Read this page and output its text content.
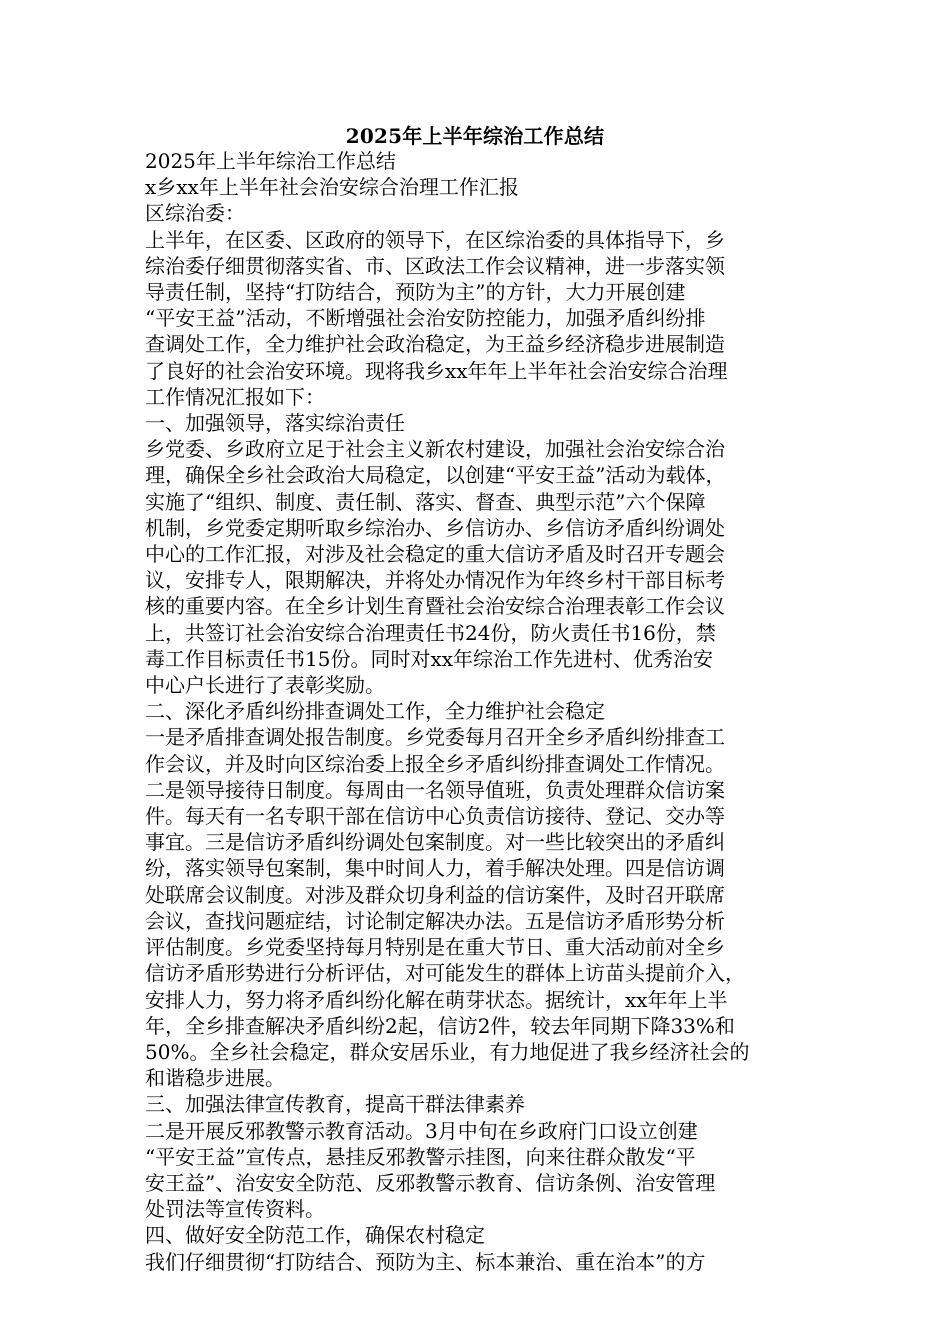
2025年上半年综治工作总结
2025年上半年综治工作总结
x乡xx年上半年社会治安综合治理工作汇报
区综治委：
上半年，在区委、区政府的领导下，在区综治委的具体指导下，乡
综治委仔细贯彻落实省、市、区政法工作会议精神，进一步落实领
导责任制，坚持“打防结合，预防为主”的方针，大力开展创建
“平安王益”活动，不断增强社会治安防控能力，加强矛盾纠纷排
查调处工作，全力维护社会政治稳定，为王益乡经济稳步进展制造
了良好的社会治安环境。现将我乡xx年年上半年社会治安综合治理
工作情况汇报如下：
一、加强领导，落实综治责任
乡党委、乡政府立足于社会主义新农村建设，加强社会治安综合治
理，确保全乡社会政治大局稳定，以创建“平安王益”活动为载体，
实施了“组织、制度、责任制、落实、督查、典型示范”六个保障
机制，乡党委定期听取乡综治办、乡信访办、乡信访矛盾纠纷调处
中心的工作汇报，对涉及社会稳定的重大信访矛盾及时召开专题会
议，安排专人，限期解决，并将处办情况作为年终乡村干部目标考
核的重要内容。在全乡计划生育暨社会治安综合治理表彰工作会议
上，共签订社会治安综合治理责任书24份，防火责任书16份，禁
毒工作目标责任书15份。同时对xx年综治工作先进村、优秀治安
中心户长进行了表彰奖励。
二、深化矛盾纠纷排查调处工作，全力维护社会稳定
一是矛盾排查调处报告制度。乡党委每月召开全乡矛盾纠纷排查工
作会议，并及时向区综治委上报全乡矛盾纠纷排查调处工作情况。
二是领导接待日制度。每周由一名领导值班，负责处理群众信访案
件。每天有一名专职干部在信访中心负责信访接待、登记、交办等
事宜。三是信访矛盾纠纷调处包案制度。对一些比较突出的矛盾纠
纷，落实领导包案制，集中时间人力，着手解决处理。四是信访调
处联席会议制度。对涉及群众切身利益的信访案件，及时召开联席
会议，查找问题症结，讨论制定解决办法。五是信访矛盾形势分析
评估制度。乡党委坚持每月特别是在重大节日、重大活动前对全乡
信访矛盾形势进行分析评估，对可能发生的群体上访苗头提前介入，
安排人力，努力将矛盾纠纷化解在萌芽状态。据统计，xx年年上半
年，全乡排查解决矛盾纠纷2起，信访2件，较去年同期下降33%和
50%。全乡社会稳定，群众安居乐业，有力地促进了我乡经济社会的
和谐稳步进展。
三、加强法律宣传教育，提高干群法律素养
二是开展反邪教警示教育活动。3月中旬在乡政府门口设立创建
“平安王益”宣传点，悬挂反邪教警示挂图，向来往群众散发“平
安王益”、治安安全防范、反邪教警示教育、信访条例、治安管理
处罚法等宣传资料。
四、做好安全防范工作，确保农村稳定
我们仔细贯彻“打防结合、预防为主、标本兼治、重在治本”的方
